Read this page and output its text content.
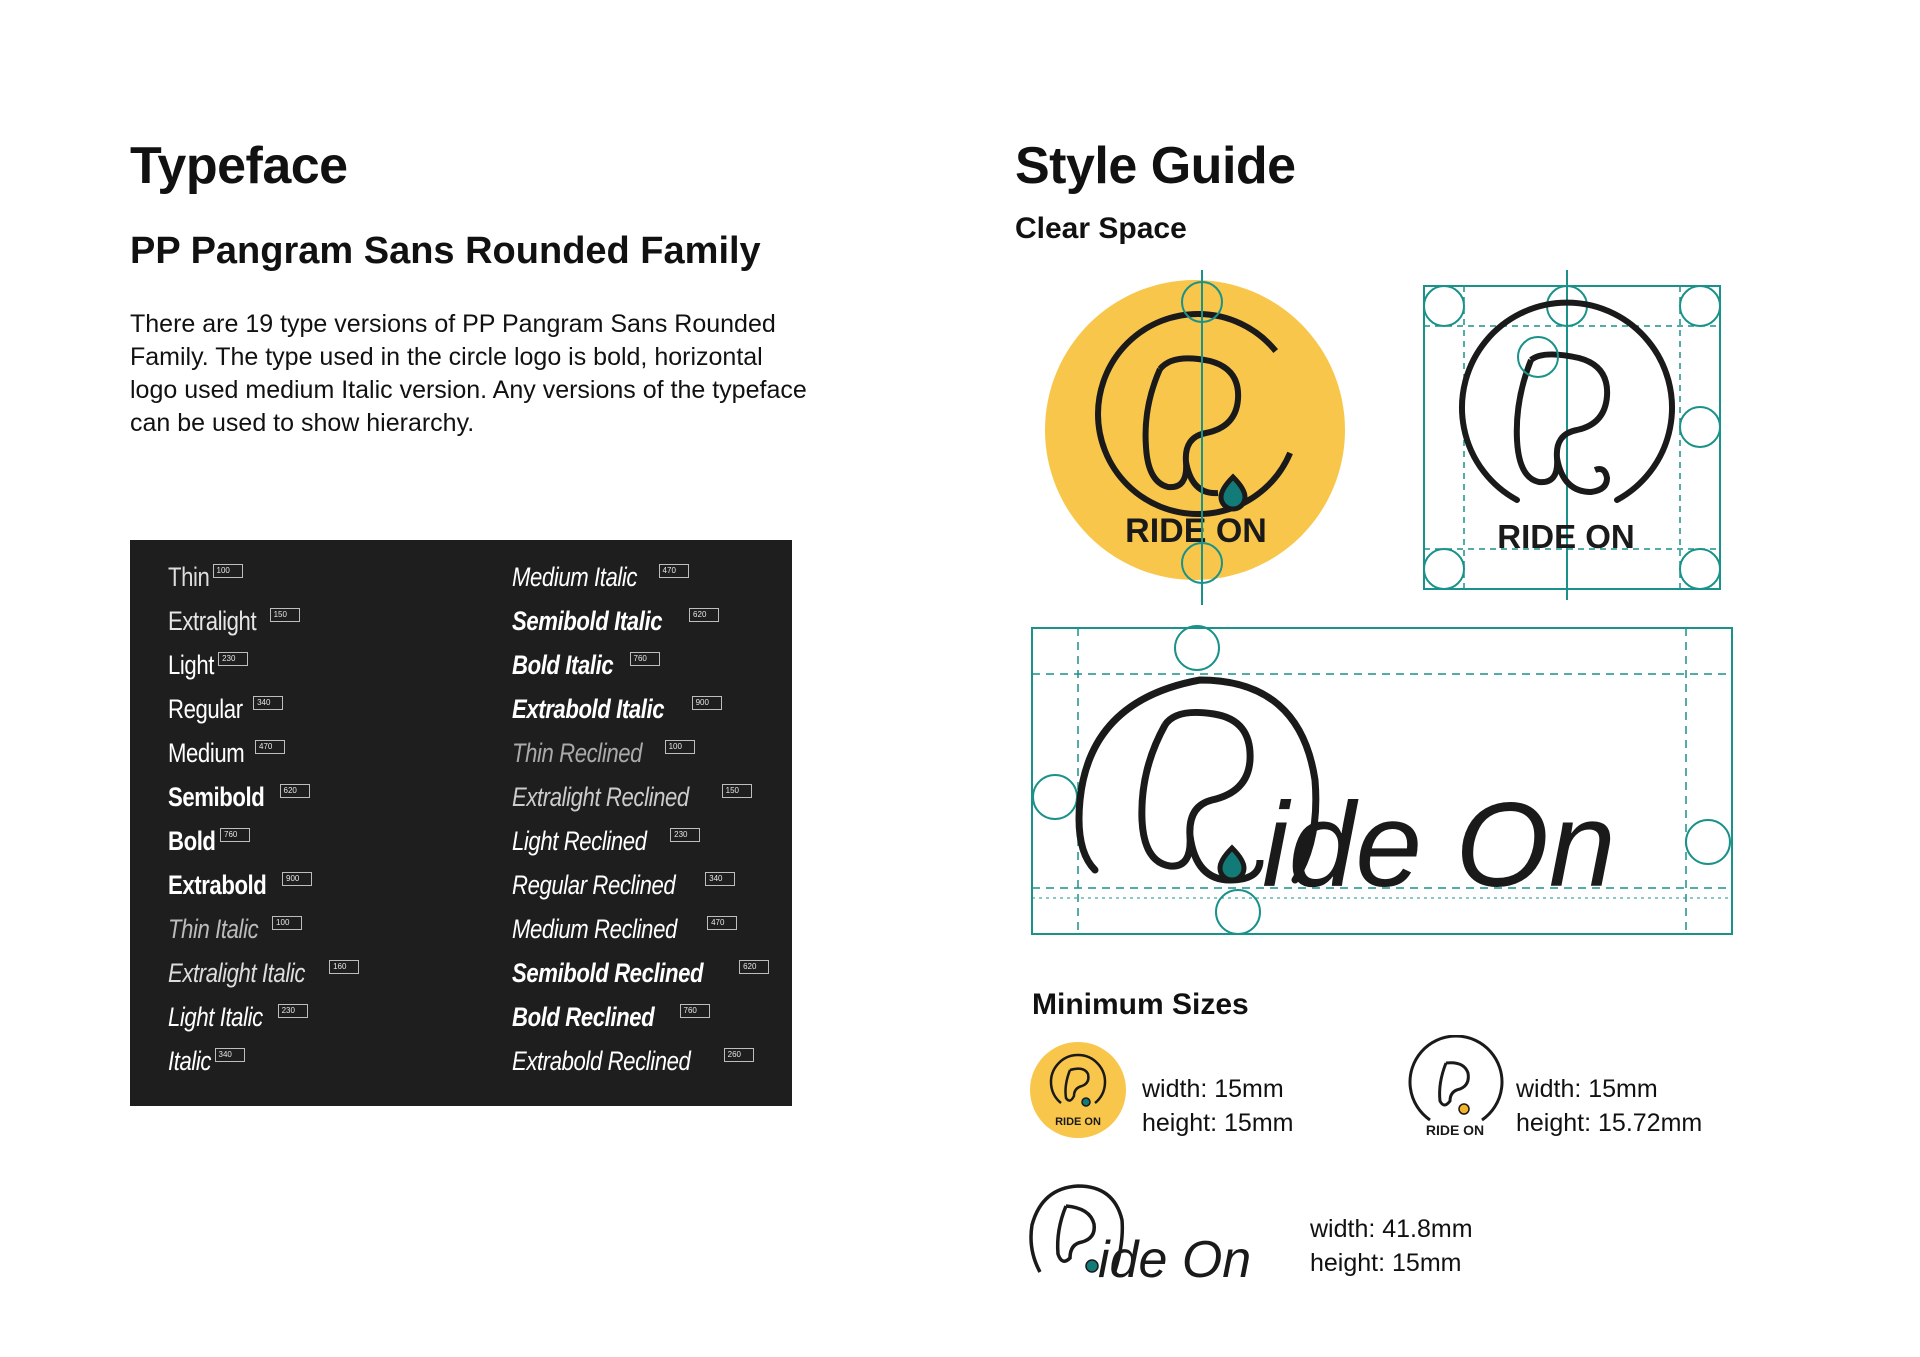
Typeface
PP Pangram Sans Rounded Family
There are 19 type versions of PP Pangram Sans Rounded
Family. The type used in the circle logo is bold, horizontal
logo used medium Italic version. Any versions of the typeface
can be used to show hierarchy.
Thin 100
Extralight	150
Light	230
Regular	340
Medium	470
Semibold	620
Bold	760
Extrabold	900
Thin Italic	100
Extralight Italic	160
Light Italic	230
Italic 340
Medium Italic	470
Semibold Italic	620
Bold Italic	760
Extrabold Italic	900
Thin Reclined	100
Extralight Reclined	150
Light Reclined	230
Regular Reclined	340
Medium Reclined	470
Semibold Reclined	620
Bold Reclined	760
Extrabold Reclined	260
Style Guide
Clear Space
RIDE ON	RIDE ON
ide On
Minimum Sizes
RIDE ON
width: 15mm
height: 15mm	RIDE ON
width: 15mm
height: 15.72mm
ide On
width: 41.8mm
height: 15mm
